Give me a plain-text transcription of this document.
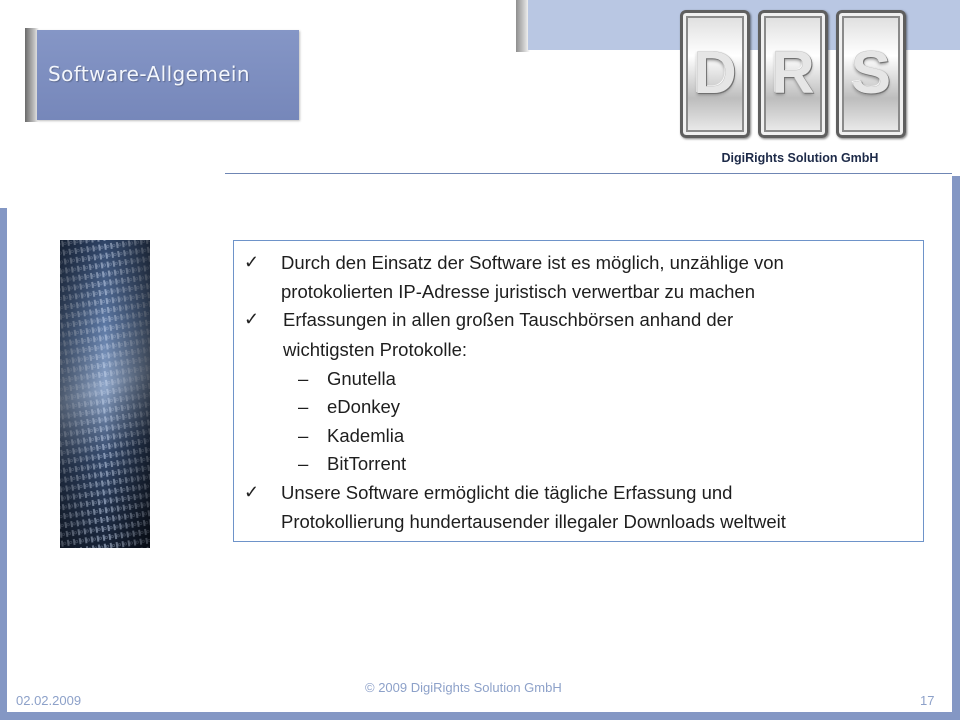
Software-Allgemein	D R S
DigiRights Solution GmbH
✓ Durch den Einsatz der Software ist es möglich, unzählige von
protokolierten IP-Adresse juristisch verwertbar zu machen
✓ Erfassungen in allen großen Tauschbörsen anhand der
wichtigsten Protokolle:
– Gnutella
– eDonkey
– Kademlia
– BitTorrent
✓ Unsere Software ermöglicht die tägliche Erfassung und
Protokollierung hundertausender illegaler Downloads weltweit
02.02.2009
© 2009 DigiRights Solution GmbH
17
